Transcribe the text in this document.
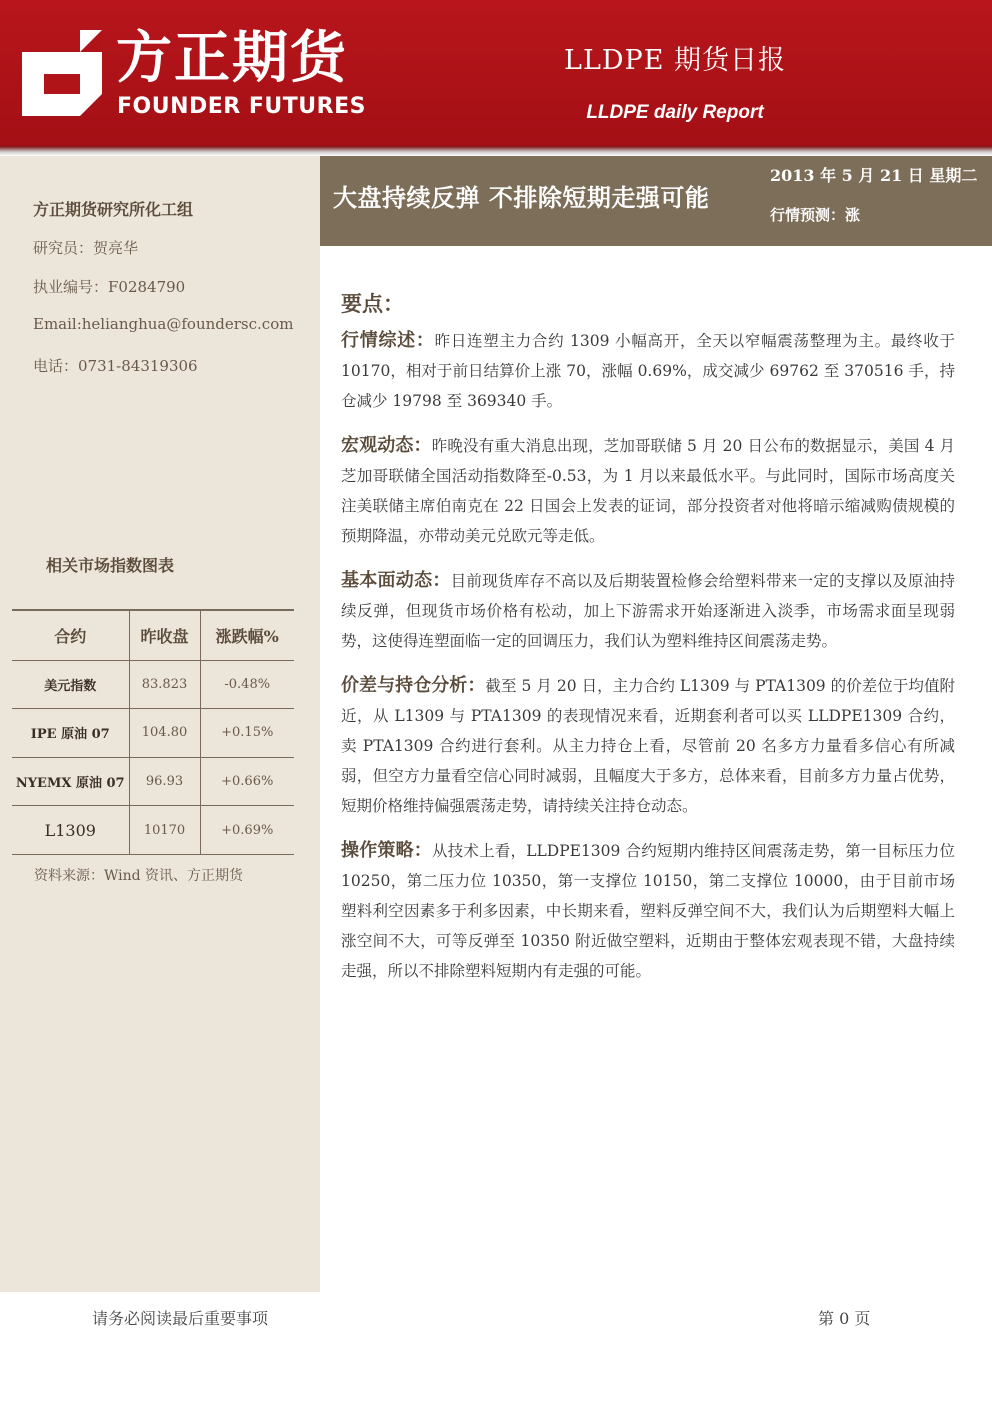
方正期货
FOUNDER FUTURES
LLDPE 期货日报
LLDPE daily Report
方正期货研究所化工组
研究员：贺亮华
执业编号：F0284790
Email:helianghua@foundersc.com
电话：0731-84319306
相关市场指数图表
合约	昨收盘	涨跌幅%
美元指数	83.823	-0.48%
IPE 原油 07	104.80	+0.15%
NYEMX 原油 07	96.93	+0.66%
L1309	10170	+0.69%
资料来源：Wind 资讯、方正期货
大盘持续反弹 不排除短期走强可能
2013 年 5 月 21 日 星期二
行情预测：涨
要点：

行情综述：昨日连塑主力合约 1309 小幅高开，全天以窄幅震荡整理为主。最终收于 10170，相对于前日结算价上涨 70，涨幅 0.69%，成交减少 69762 至 370516 手，持仓减少 19798 至 369340 手。

宏观动态：昨晚没有重大消息出现，芝加哥联储 5 月 20 日公布的数据显示，美国 4 月芝加哥联储全国活动指数降至-0.53，为 1 月以来最低水平。与此同时，国际市场高度关注美联储主席伯南克在 22 日国会上发表的证词，部分投资者对他将暗示缩减购债规模的预期降温，亦带动美元兑欧元等走低。

基本面动态：目前现货库存不高以及后期装置检修会给塑料带来一定的支撑以及原油持续反弹，但现货市场价格有松动，加上下游需求开始逐渐进入淡季，市场需求面呈现弱势，这使得连塑面临一定的回调压力，我们认为塑料维持区间震荡走势。

价差与持仓分析：截至 5 月 20 日，主力合约 L1309 与 PTA1309 的价差位于均值附近，从 L1309 与 PTA1309 的表现情况来看，近期套利者可以买 LLDPE1309 合约，卖 PTA1309 合约进行套利。从主力持仓上看，尽管前 20 名多方力量看多信心有所减弱，但空方力量看空信心同时减弱，且幅度大于多方，总体来看，目前多方力量占优势，短期价格维持偏强震荡走势，请持续关注持仓动态。

操作策略：从技术上看，LLDPE1309 合约短期内维持区间震荡走势，第一目标压力位 10250，第二压力位 10350，第一支撑位 10150，第二支撑位 10000，由于目前市场塑料利空因素多于利多因素，中长期来看，塑料反弹空间不大，我们认为后期塑料大幅上涨空间不大，可等反弹至 10350 附近做空塑料，近期由于整体宏观表现不错，大盘持续走强，所以不排除塑料短期内有走强的可能。

请务必阅读最后重要事项	第 0 页
